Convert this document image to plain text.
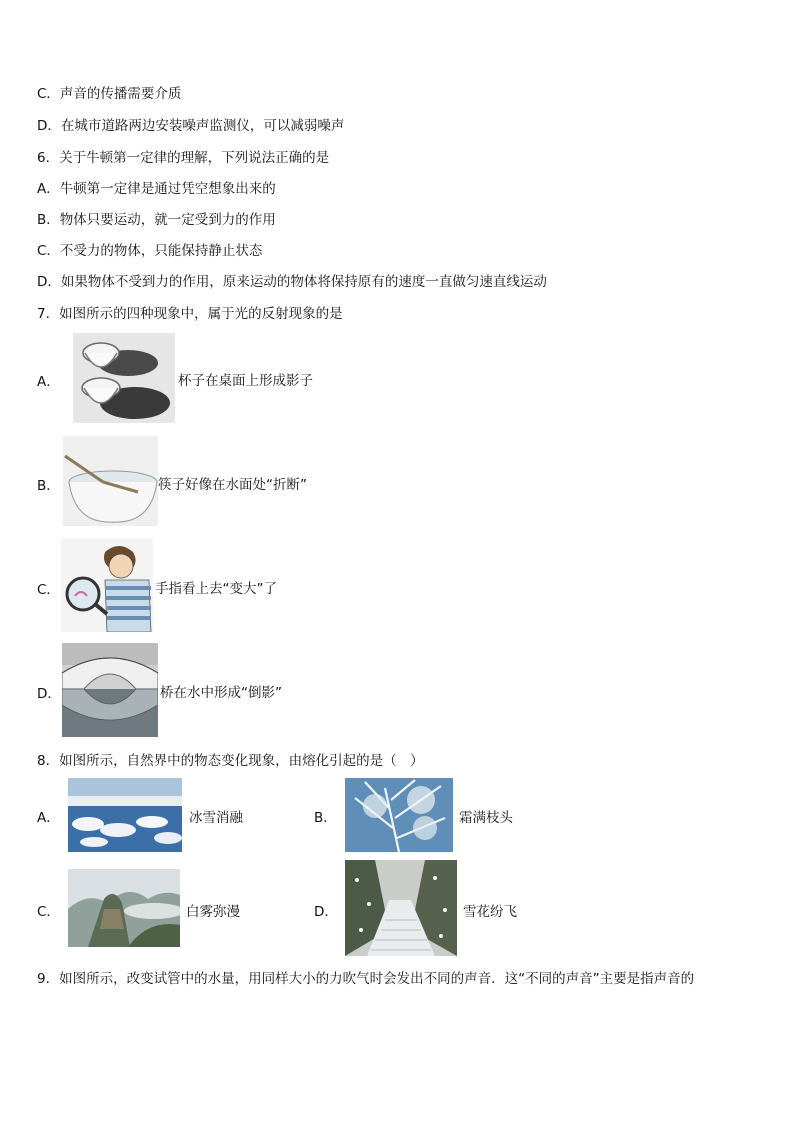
C．声音的传播需要介质
D．在城市道路两边安装噪声监测仪，可以减弱噪声
6．关于牛顿第一定律的理解，下列说法正确的是
A．牛顿第一定律是通过凭空想象出来的
B．物体只要运动，就一定受到力的作用
C．不受力的物体，只能保持静止状态
D．如果物体不受到力的作用，原来运动的物体将保持原有的速度一直做匀速直线运动
7．如图所示的四种现象中，属于光的反射现象的是
A．	杯子在桌面上形成影子
B．	筷子好像在水面处“折断”
C．	手指看上去“变大”了
D．	桥在水中形成“倒影”
8．如图所示，自然界中的物态变化现象，由熔化引起的是（　）
A．	冰雪消融	B．	霜满枝头
C．	白雾弥漫	D．	雪花纷飞
9．如图所示，改变试管中的水量，用同样大小的力吹气时会发出不同的声音．这“不同的声音”主要是指声音的
